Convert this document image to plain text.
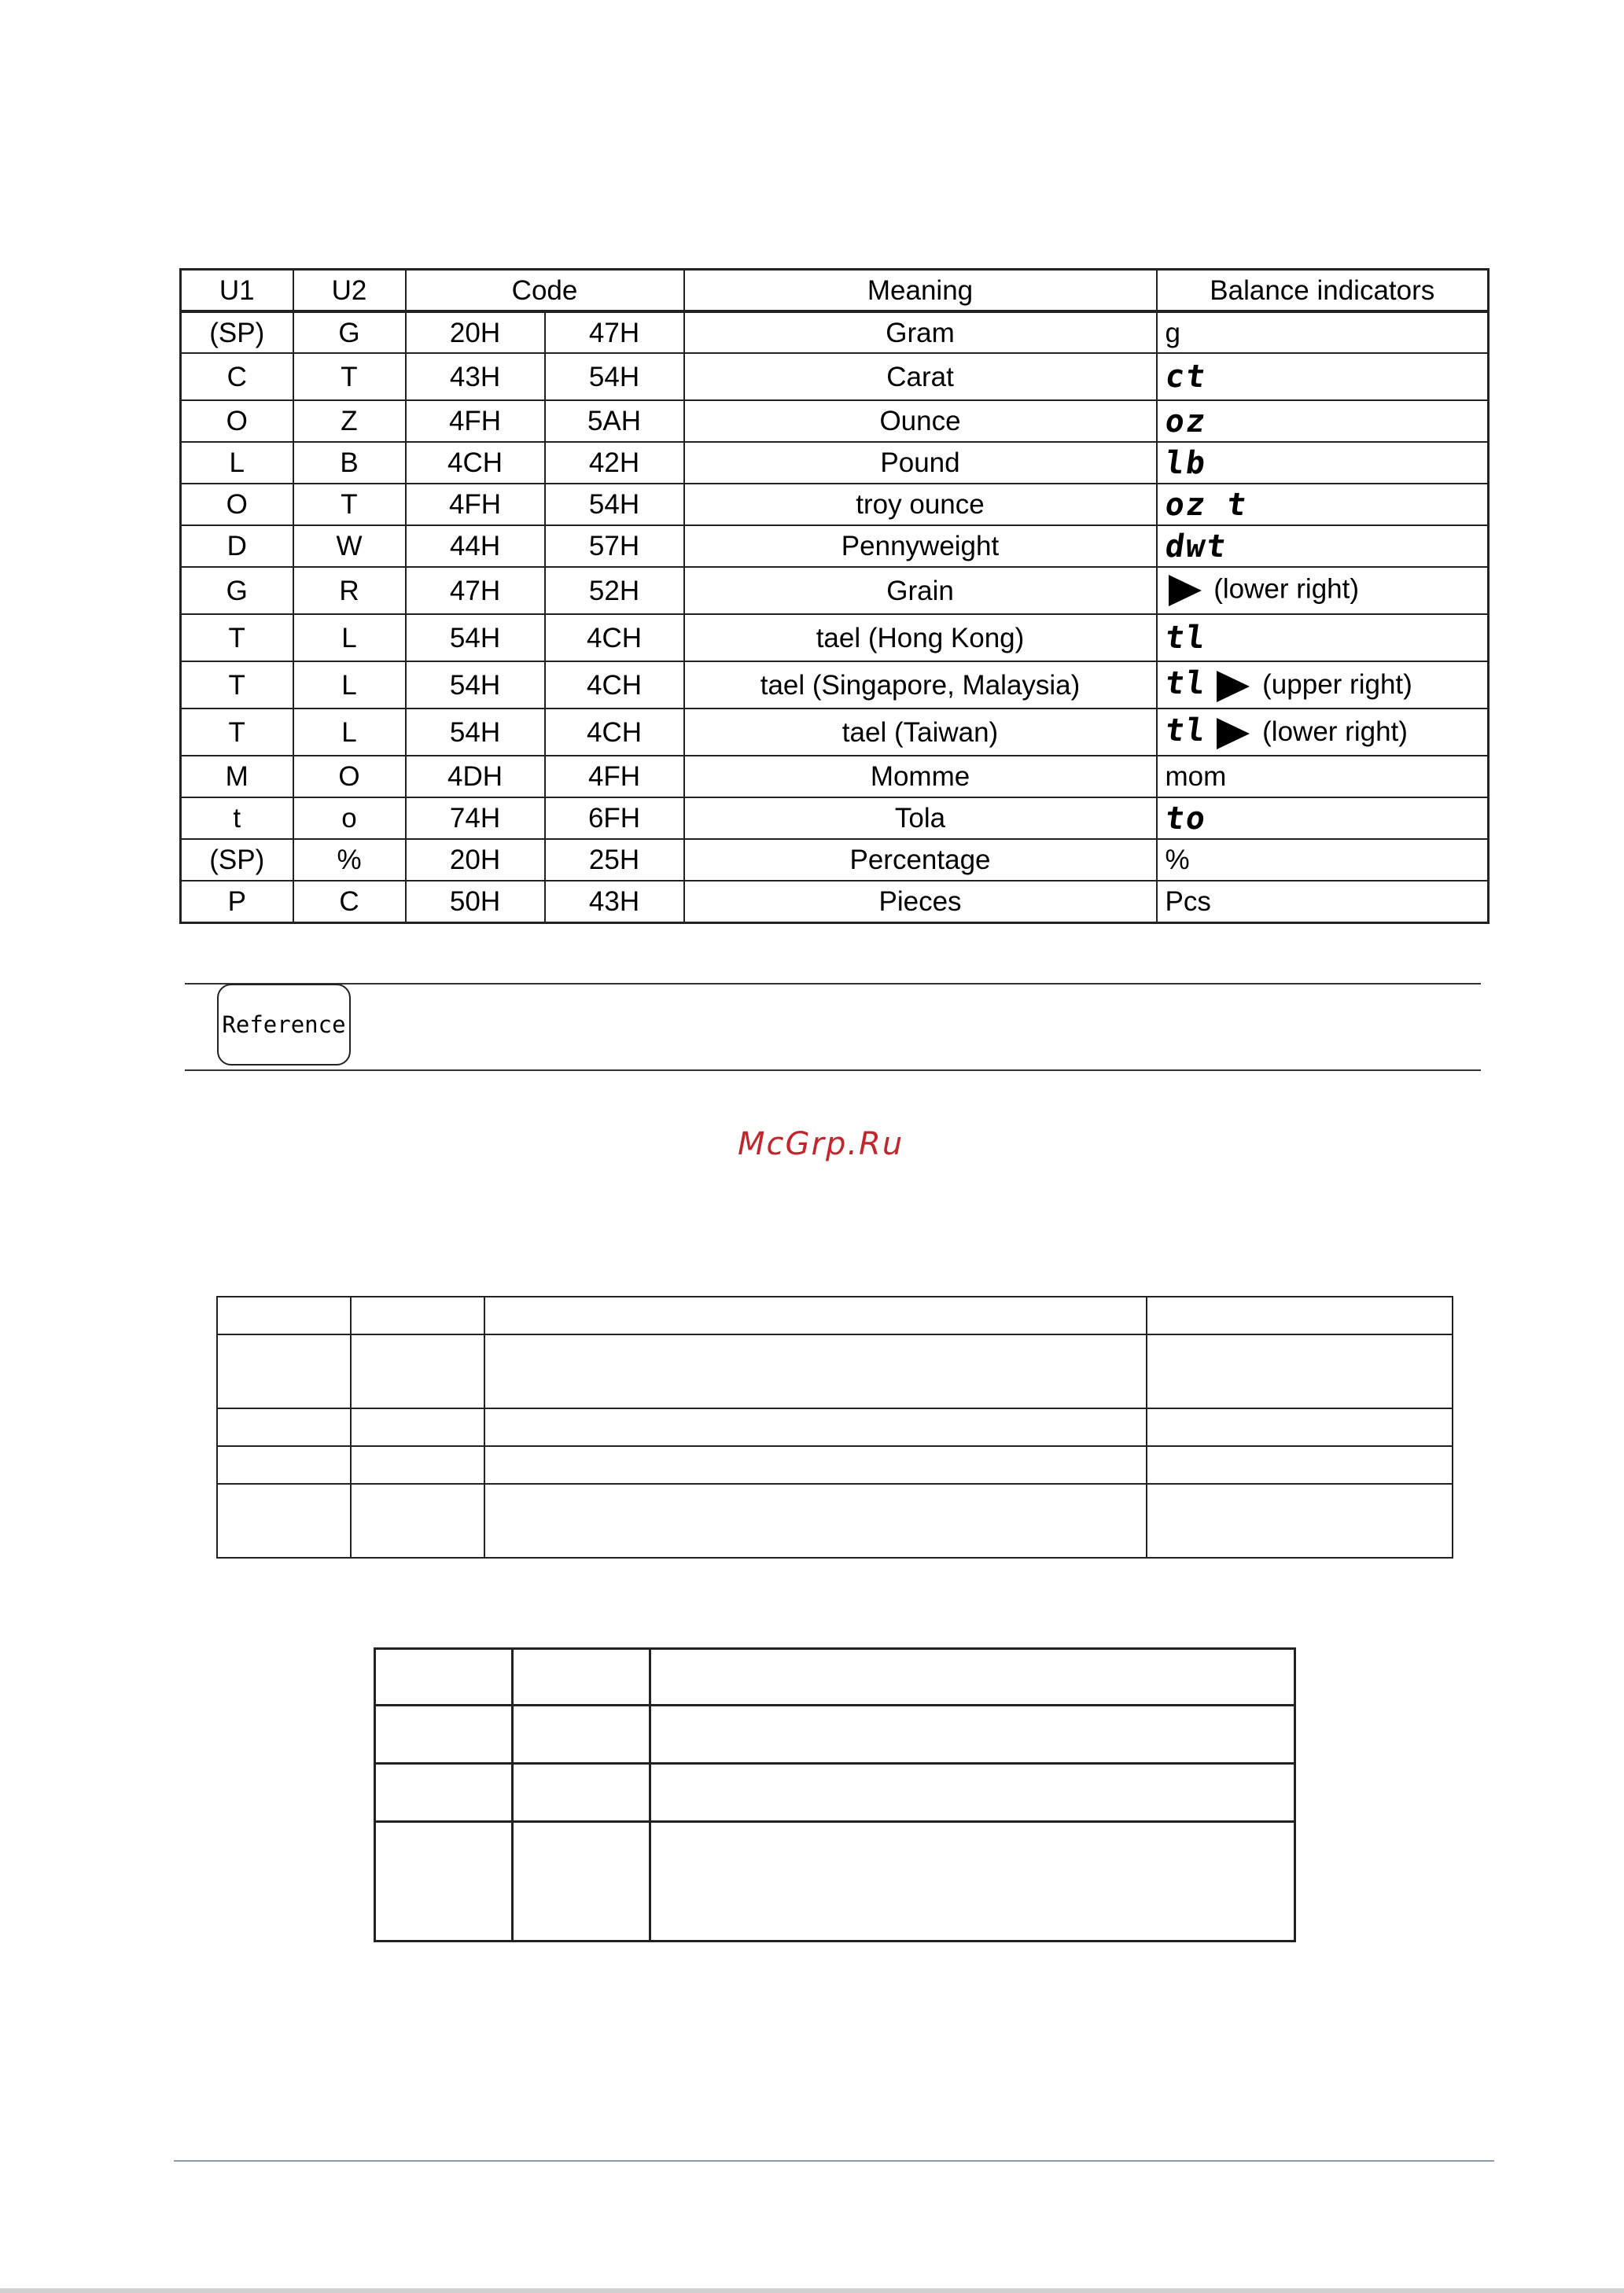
U1	U2	Code		Meaning	Balance indicators
(SP)	G	20H	47H	Gram	g
C	T	43H	54H	Carat	ct
O	Z	4FH	5AH	Ounce	oz
L	B	4CH	42H	Pound	lb
O	T	4FH	54H	troy ounce	oz t
D	W	44H	57H	Pennyweight	dwt
G	R	47H	52H	Grain	(lower right)
T	L	54H	4CH	tael (Hong Kong)	tl
T	L	54H	4CH	tael (Singapore, Malaysia)	tl (upper right)
T	L	54H	4CH	tael (Taiwan)	tl (lower right)
M	O	4DH	4FH	Momme	mom
t	o	74H	6FH	Tola	to
(SP)	%	20H	25H	Percentage	%
P	C	50H	43H	Pieces	Pcs
Reference
McGrp.Ru
